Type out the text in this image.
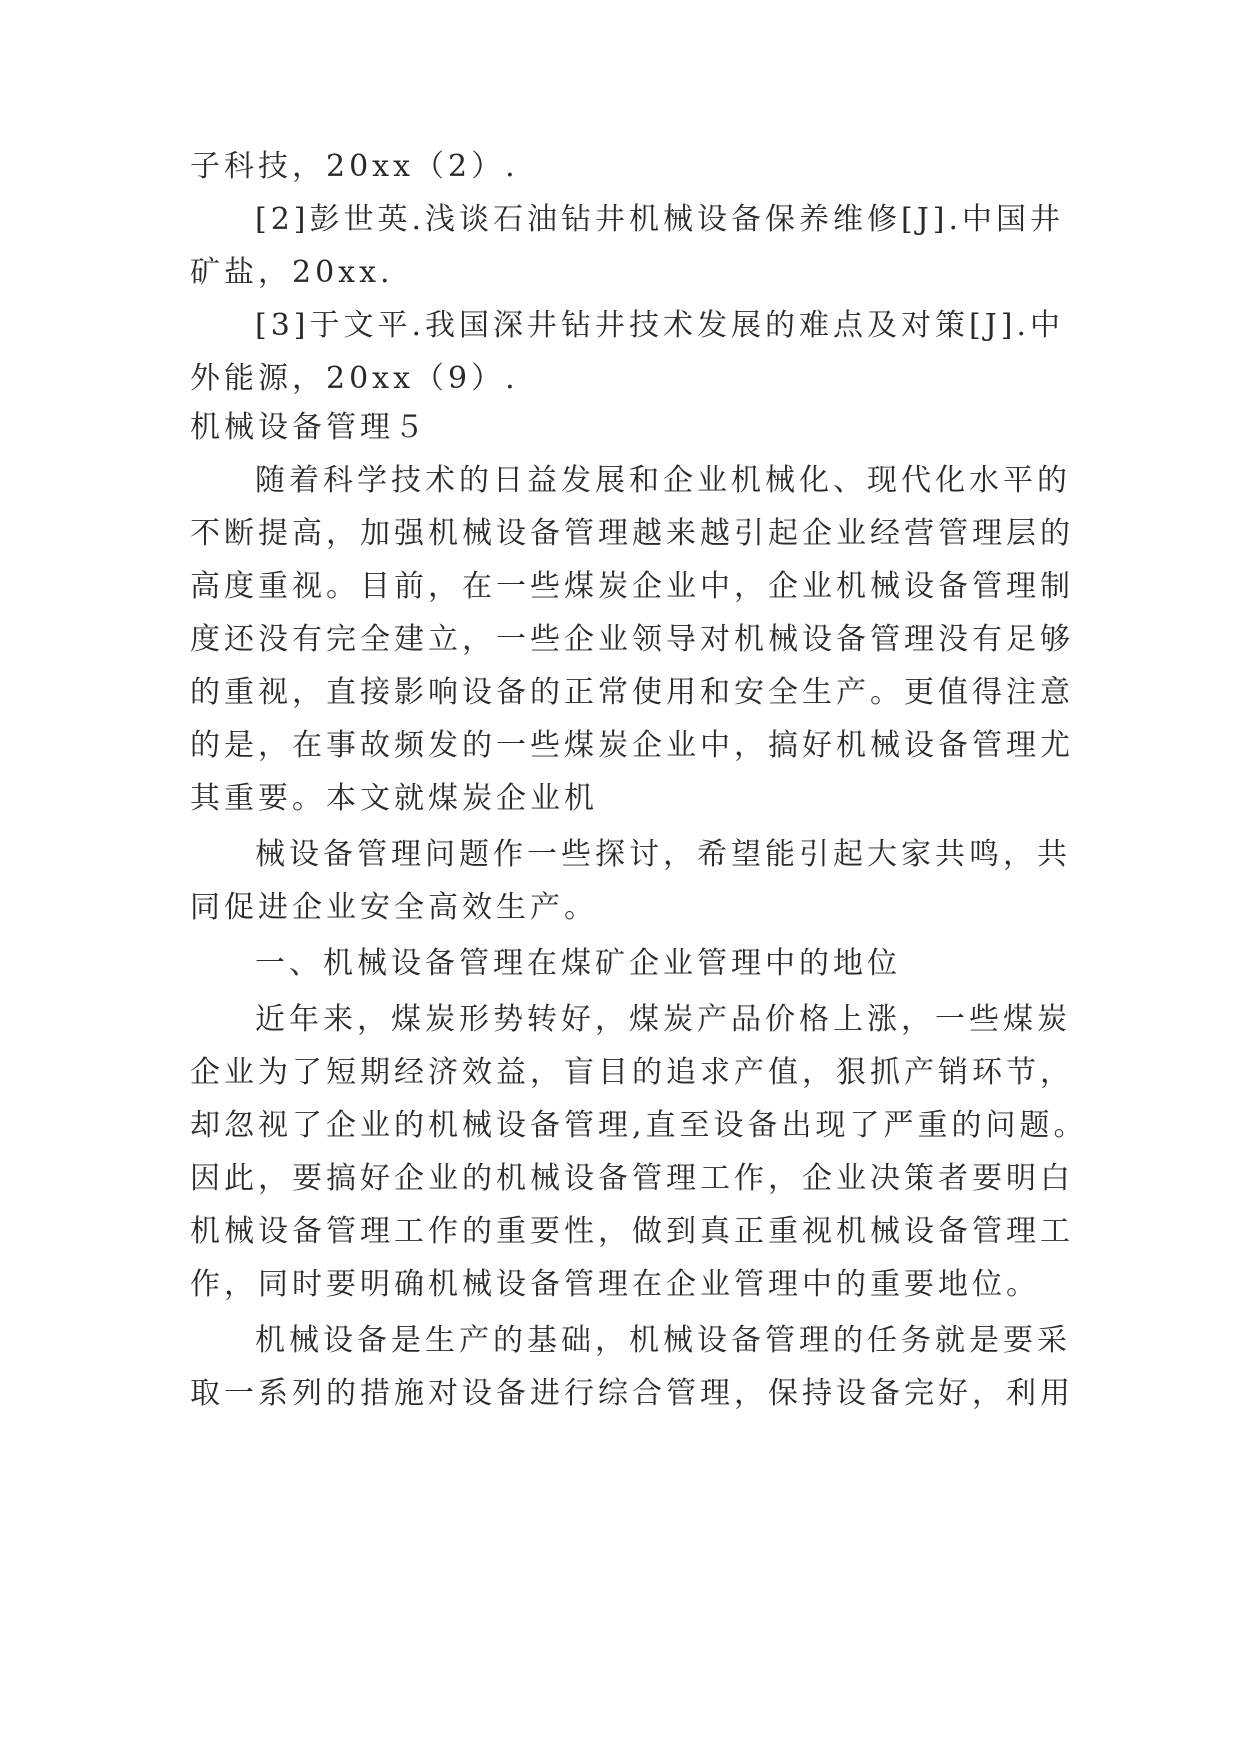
子科技，20xx（2）.
[2]彭世英.浅谈石油钻井机械设备保养维修[J].中国井
矿盐，20xx.
[3]于文平.我国深井钻井技术发展的难点及对策[J].中
外能源，20xx（9）.
机械设备管理５
随着科学技术的日益发展和企业机械化、现代化水平的
不断提高，加强机械设备管理越来越引起企业经营管理层的
高度重视。目前，在一些煤炭企业中，企业机械设备管理制
度还没有完全建立，一些企业领导对机械设备管理没有足够
的重视，直接影响设备的正常使用和安全生产。更值得注意
的是，在事故频发的一些煤炭企业中，搞好机械设备管理尤
其重要。本文就煤炭企业机
械设备管理问题作一些探讨，希望能引起大家共鸣，共
同促进企业安全高效生产。
一、机械设备管理在煤矿企业管理中的地位
近年来，煤炭形势转好，煤炭产品价格上涨，一些煤炭
企业为了短期经济效益，盲目的追求产值，狠抓产销环节，
却忽视了企业的机械设备管理,直至设备出现了严重的问题。
因此，要搞好企业的机械设备管理工作，企业决策者要明白
机械设备管理工作的重要性，做到真正重视机械设备管理工
作，同时要明确机械设备管理在企业管理中的重要地位。
机械设备是生产的基础，机械设备管理的任务就是要采
取一系列的措施对设备进行综合管理，保持设备完好，利用
